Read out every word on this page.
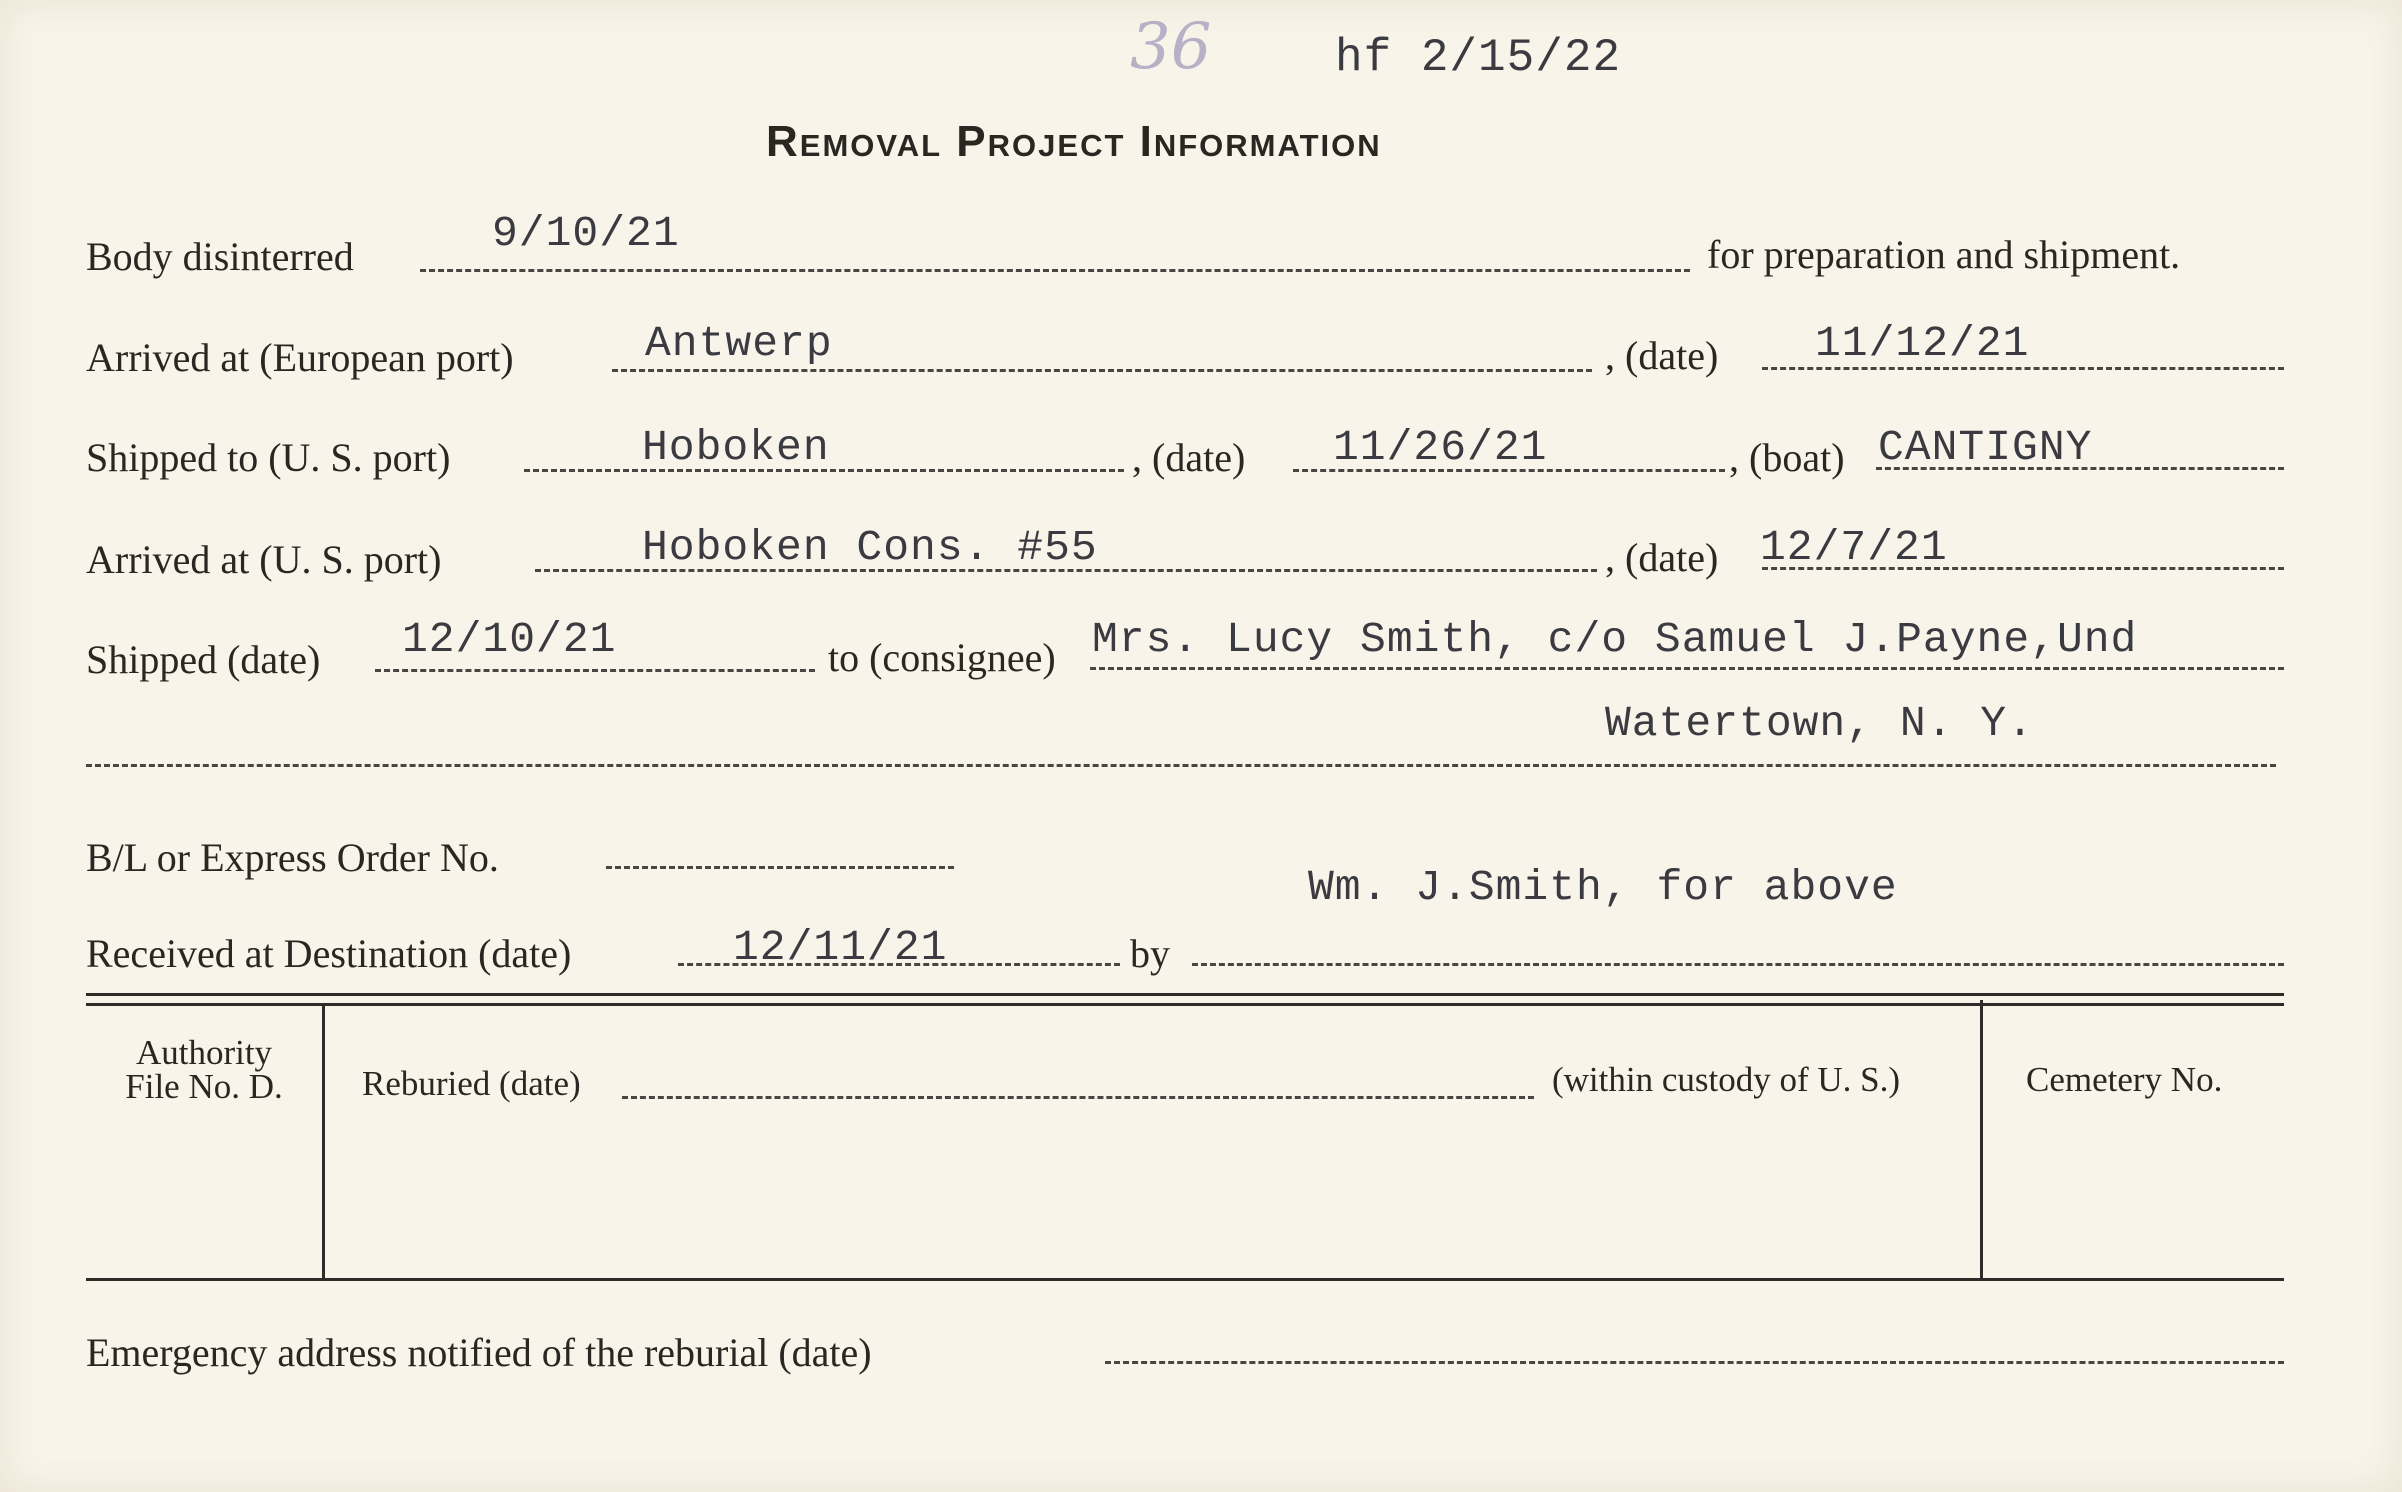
36	hf 2/15/22
Removal Project Information
Body disinterred	9/10/21	for preparation and shipment.
Arrived at (European port)	Antwerp	, (date) 11/12/21
Shipped to (U. S. port)	Hoboken	, (date) 11/26/21	, (boat) CANTIGNY
Arrived at (U. S. port)	Hoboken Cons. #55	, (date) 12/7/21
Shipped (date) 12/10/21	to (consignee) Mrs. Lucy Smith, c/o Samuel J.Payne,Und
Watertown, N. Y.
B/L or Express Order No.
Wm. J.Smith, for above
Received at Destination (date)	12/11/21	by
Authority
File No. D.	Reburied (date)	(within custody of U. S.)	Cemetery No.
Emergency address notified of the reburial (date)
